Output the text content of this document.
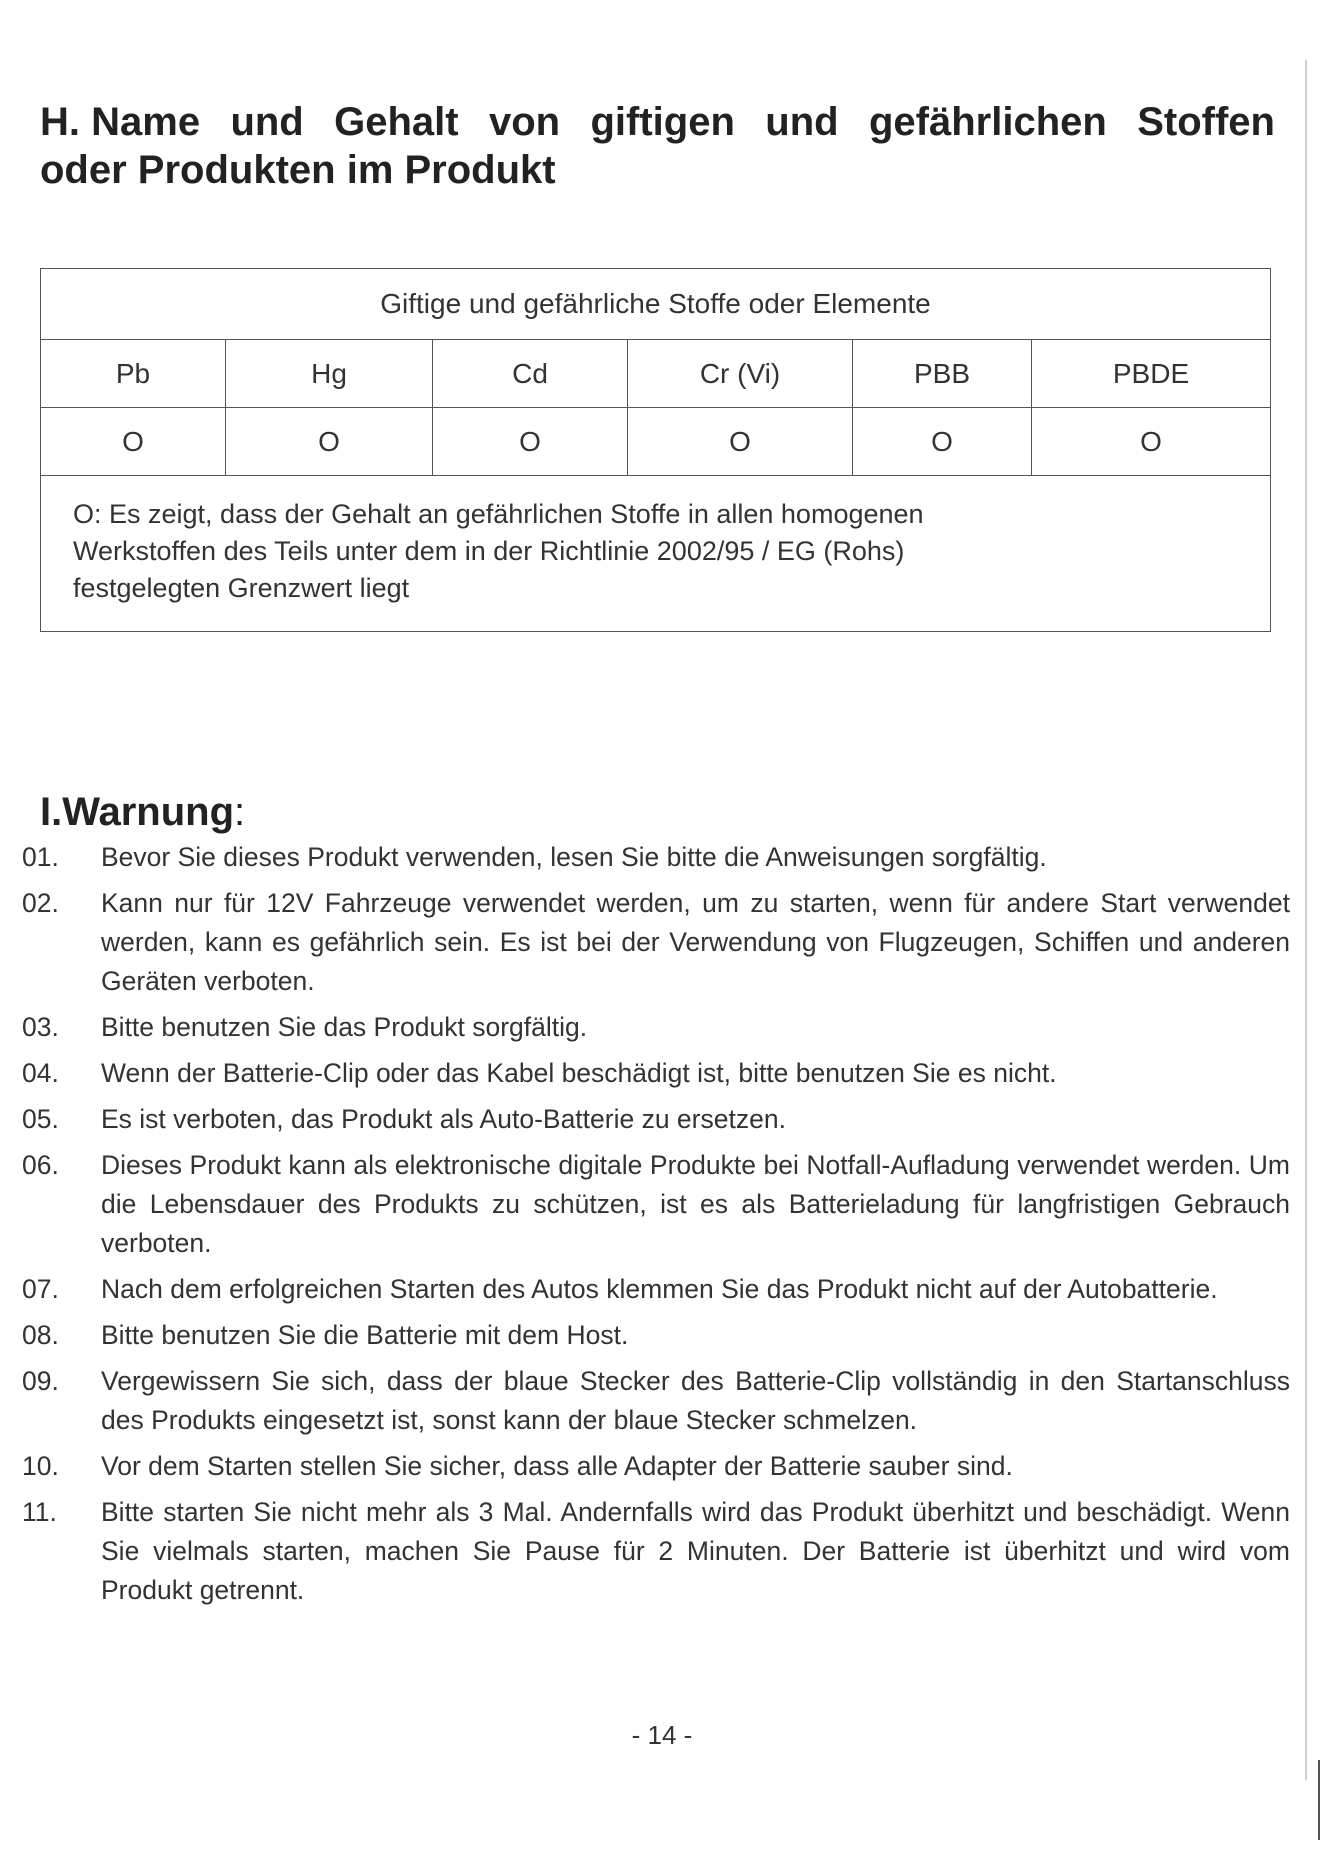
H. Name und Gehalt von giftigen und gefährlichen Stoffen
oder Produkten im Produkt
Giftige und gefährliche Stoffe oder Elemente					
Pb	Hg	Cd	Cr (Vi)	PBB	PBDE
O	O	O	O	O	O

O: Es zeigt, dass der Gehalt an gefährlichen Stoffe in allen homogenen
Werkstoffen des Teils unter dem in der Richtlinie 2002/95 / EG (Rohs)
festgelegten Grenzwert liegt					
I.Warnung:
01. Bevor Sie dieses Produkt verwenden, lesen Sie bitte die Anweisungen sorgfältig.
02. Kann nur für 12V Fahrzeuge verwendet werden, um zu starten, wenn für andere Start verwendet werden, kann es gefährlich sein. Es ist bei der Verwendung von Flugzeugen, Schiffen und anderen Geräten verboten.
03. Bitte benutzen Sie das Produkt sorgfältig.
04. Wenn der Batterie-Clip oder das Kabel beschädigt ist, bitte benutzen Sie es nicht.
05. Es ist verboten, das Produkt als Auto-Batterie zu ersetzen.
06. Dieses Produkt kann als elektronische digitale Produkte bei Notfall-Aufladung verwendet werden. Um die Lebensdauer des Produkts zu schützen, ist es als Batterieladung für langfristigen Gebrauch verboten.
07. Nach dem erfolgreichen Starten des Autos klemmen Sie das Produkt nicht auf der Autobatterie.
08. Bitte benutzen Sie die Batterie mit dem Host.
09. Vergewissern Sie sich, dass der blaue Stecker des Batterie-Clip vollständig in den Startanschluss des Produkts eingesetzt ist, sonst kann der blaue Stecker schmelzen.
10. Vor dem Starten stellen Sie sicher, dass alle Adapter der Batterie sauber sind.
11. Bitte starten Sie nicht mehr als 3 Mal. Andernfalls wird das Produkt überhitzt und beschädigt. Wenn Sie vielmals starten, machen Sie Pause für 2 Minuten. Der Batterie ist überhitzt und wird vom Produkt getrennt.
- 14 -
